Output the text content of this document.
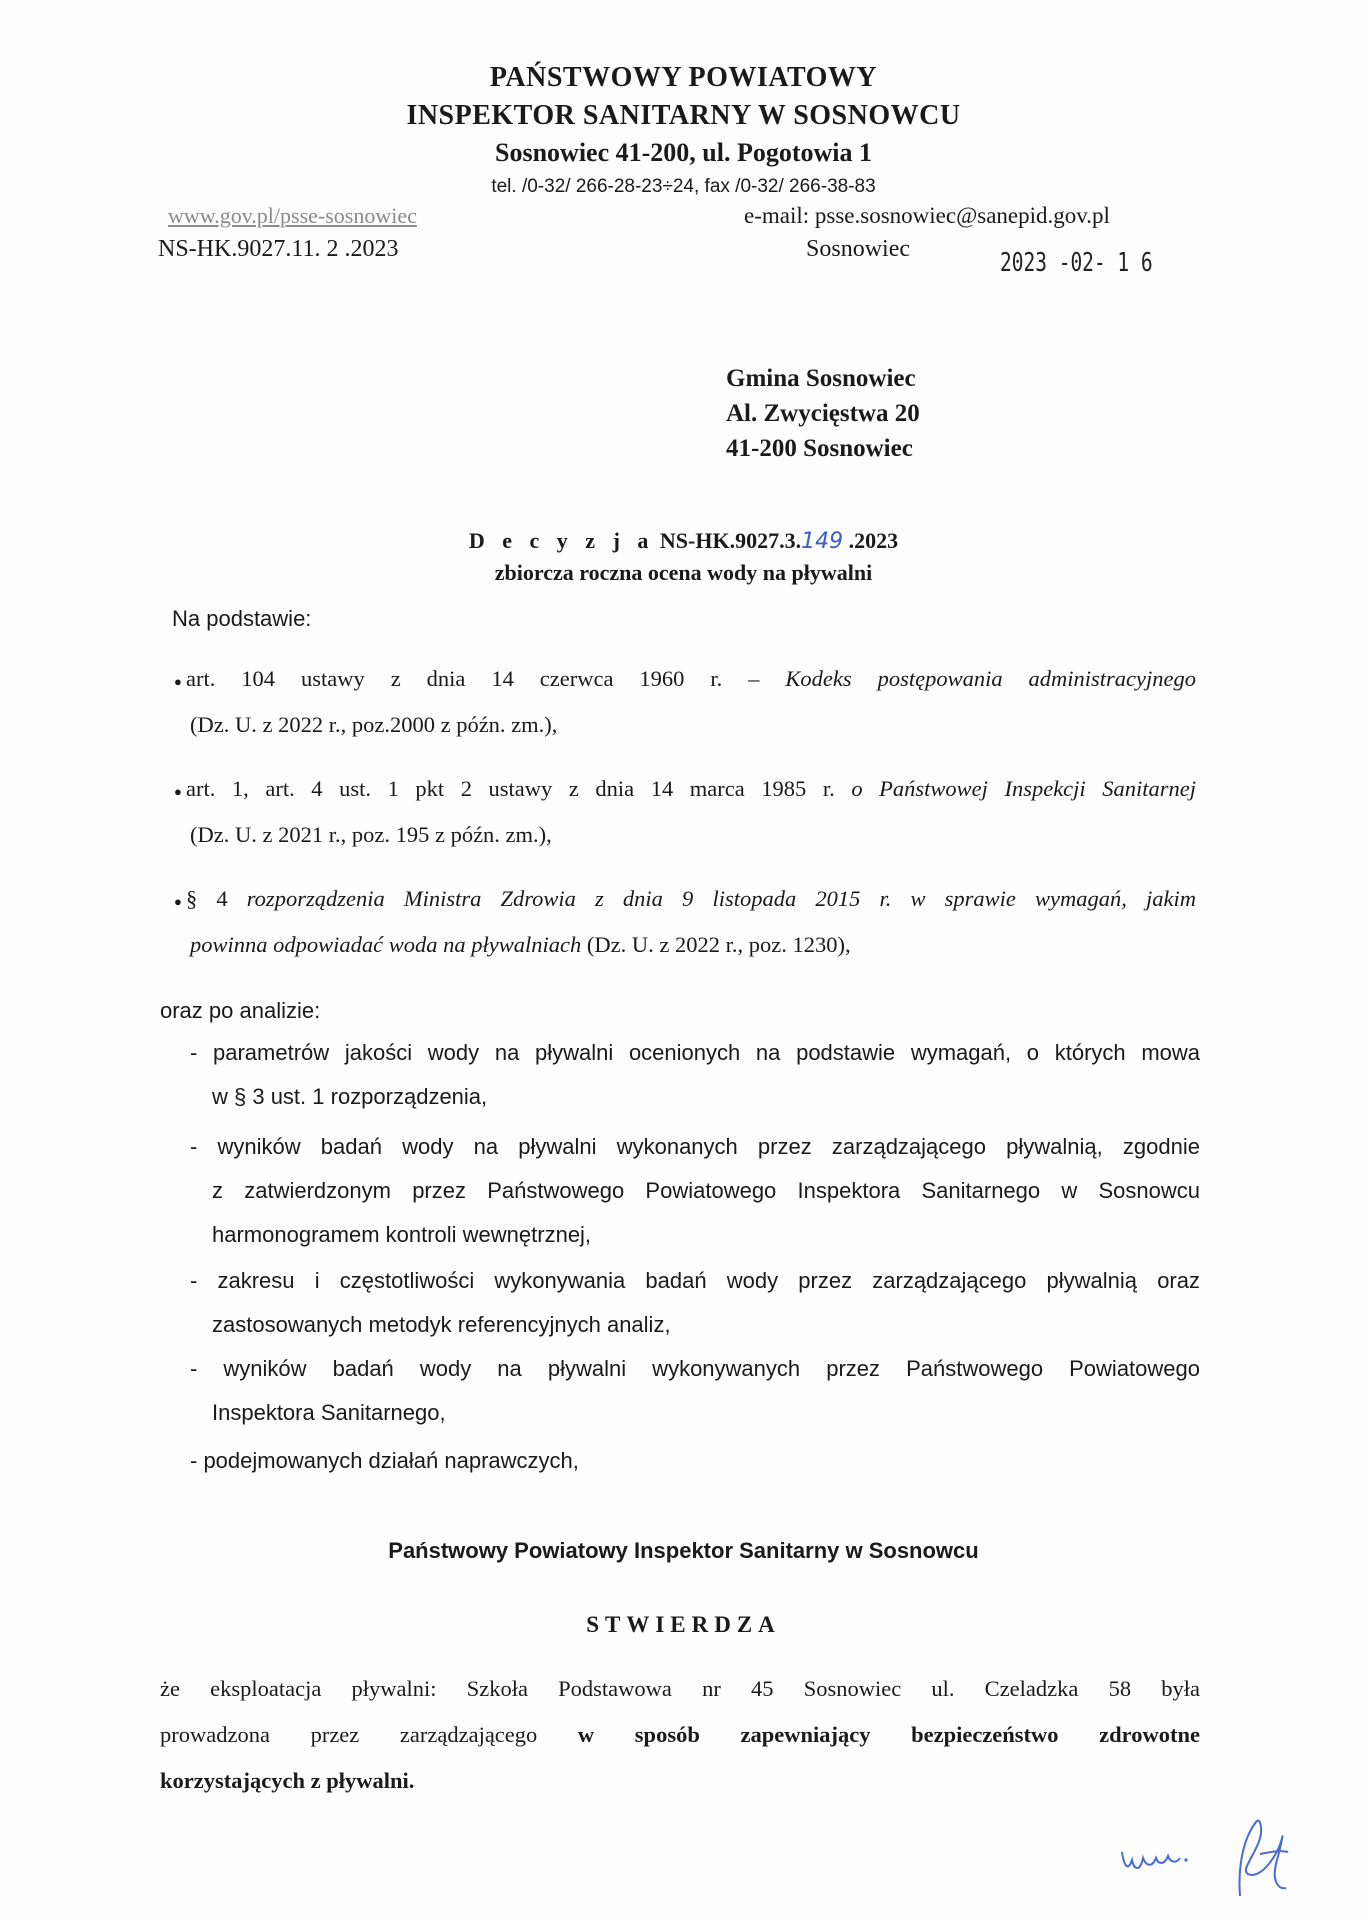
PAŃSTWOWY POWIATOWY

INSPEKTOR SANITARNY W SOSNOWCU

Sosnowiec 41-200, ul. Pogotowia 1

tel. /0-32/ 266-28-23÷24, fax /0-32/ 266-38-83

www.gov.pl/psse-sosnowiec	e-mail: psse.sosnowiec@sanepid.gov.pl

NS-HK.9027.11. 2 .2023	Sosnowiec	2023 -02- 1 6

Gmina Sosnowiec

Al. Zwycięstwa 20

41-200 Sosnowiec

D e c y z j a NS-HK.9027.3.149 .2023

zbiorcza roczna ocena wody na pływalni

Na podstawie:

● art. 104 ustawy z dnia 14 czerwca 1960 r. – Kodeks postępowania administracyjnego

(Dz. U. z 2022 r., poz.2000 z późn. zm.),

● art. 1, art. 4 ust. 1 pkt 2 ustawy z dnia 14 marca 1985 r. o Państwowej Inspekcji Sanitarnej

(Dz. U. z 2021 r., poz. 195 z późn. zm.),

● § 4 rozporządzenia Ministra Zdrowia z dnia 9 listopada 2015 r. w sprawie wymagań, jakim

powinna odpowiadać woda na pływalniach (Dz. U. z 2022 r., poz. 1230),

oraz po analizie:

- parametrów jakości wody na pływalni ocenionych na podstawie wymagań, o których mowa

w § 3 ust. 1 rozporządzenia,

- wyników badań wody na pływalni wykonanych przez zarządzającego pływalnią, zgodnie

z zatwierdzonym przez Państwowego Powiatowego Inspektora Sanitarnego w Sosnowcu

harmonogramem kontroli wewnętrznej,

- zakresu i częstotliwości wykonywania badań wody przez zarządzającego pływalnią oraz

zastosowanych metodyk referencyjnych analiz,

- wyników badań wody na pływalni wykonywanych przez Państwowego Powiatowego

Inspektora Sanitarnego,

- podejmowanych działań naprawczych,

Państwowy Powiatowy Inspektor Sanitarny w Sosnowcu

STWIERDZA

że eksploatacja pływalni: Szkoła Podstawowa nr 45 Sosnowiec ul. Czeladzka 58 była

prowadzona przez zarządzającego w sposób zapewniający bezpieczeństwo zdrowotne

korzystających z pływalni.
